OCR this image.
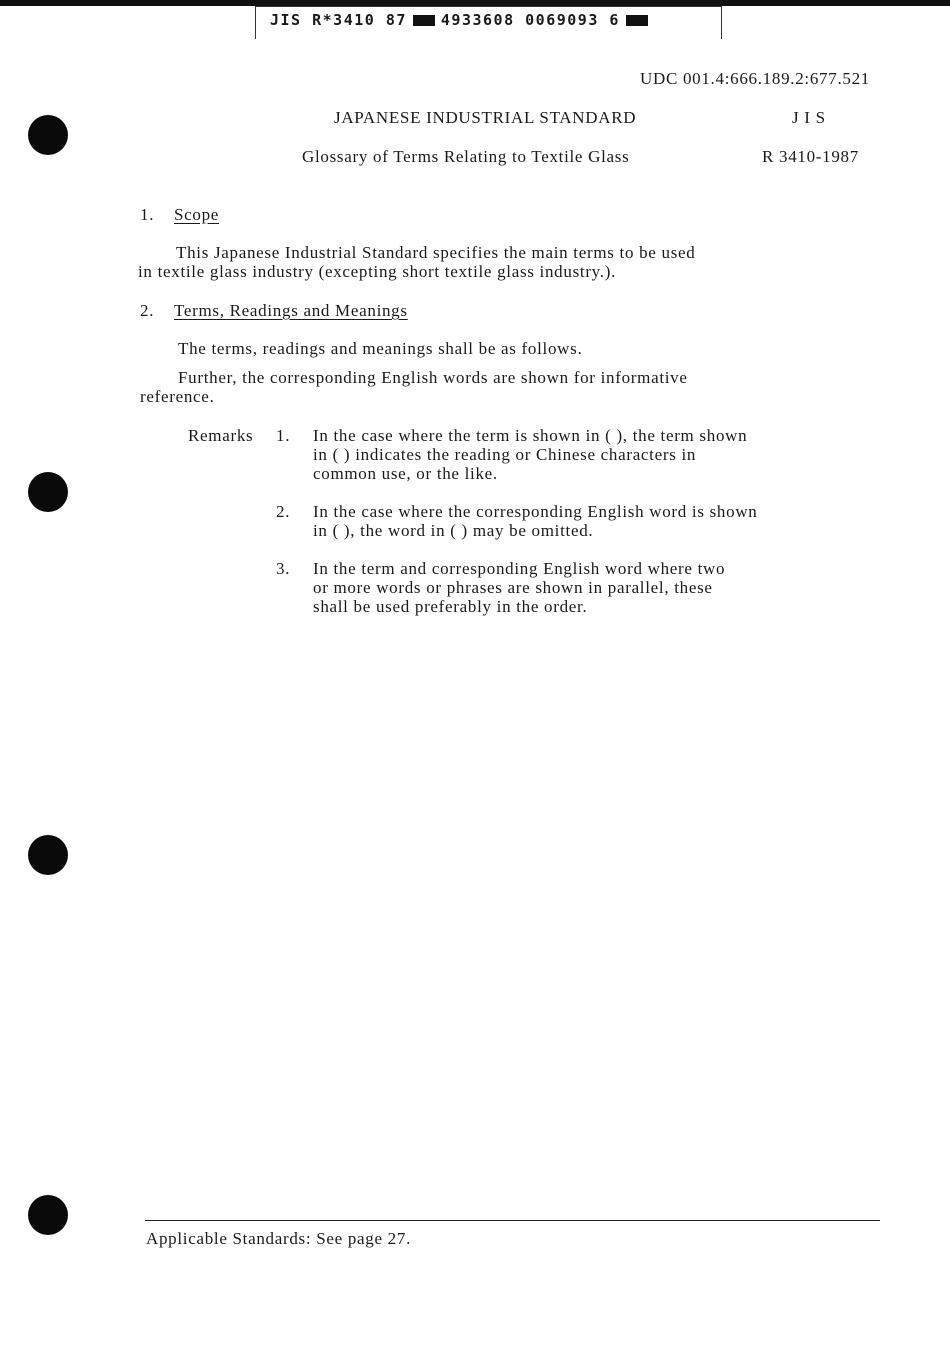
JIS R*3410 87 4933608 0069093 6
UDC 001.4:666.189.2:677.521
JAPANESE INDUSTRIAL STANDARD	J I S
Glossary of Terms Relating to Textile Glass	R 3410-1987
1. Scope
This Japanese Industrial Standard specifies the main terms to be used
in textile glass industry (excepting short textile glass industry.).
2. Terms, Readings and Meanings
The terms, readings and meanings shall be as follows.
Further, the corresponding English words are shown for informative
reference.
Remarks 1. In the case where the term is shown in ( ), the term shown
in ( ) indicates the reading or Chinese characters in
common use, or the like.
2. In the case where the corresponding English word is shown
in ( ), the word in ( ) may be omitted.
3. In the term and corresponding English word where two
or more words or phrases are shown in parallel, these
shall be used preferably in the order.
Applicable Standards: See page 27.
